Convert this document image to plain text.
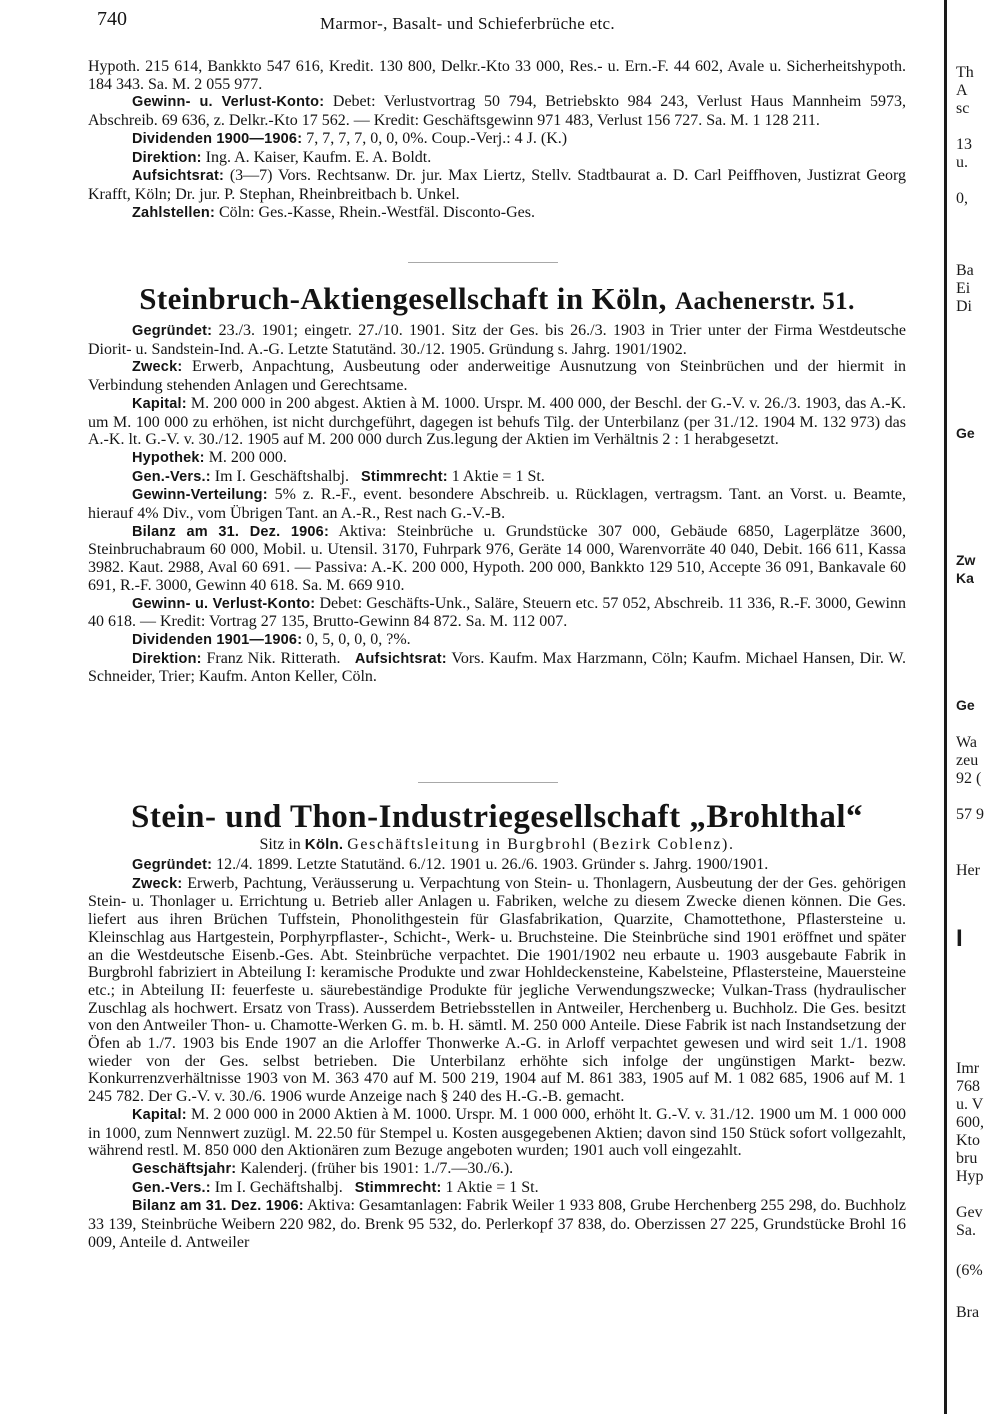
740	Marmor-, Basalt- und Schieferbrüche etc.

Hypoth. 215 614, Bankkto 547 616, Kredit. 130 800, Delkr.-Kto 33 000, Res.- u. Ern.-F. 44 602, Avale u. Sicherheitshypoth. 184 343. Sa. M. 2 055 977.

Gewinn- u. Verlust-Konto: Debet: Verlustvortrag 50 794, Betriebskto 984 243, Verlust Haus Mannheim 5973, Abschreib. 69 636, z. Delkr.-Kto 17 562. — Kredit: Geschäftsgewinn 971 483, Verlust 156 727. Sa. M. 1 128 211.

Dividenden 1900—1906: 7, 7, 7, 7, 0, 0, 0%. Coup.-Verj.: 4 J. (K.)

Direktion: Ing. A. Kaiser, Kaufm. E. A. Boldt.

Aufsichtsrat: (3—7) Vors. Rechtsanw. Dr. jur. Max Liertz, Stellv. Stadtbaurat a. D. Carl Peiffhoven, Justizrat Georg Krafft, Köln; Dr. jur. P. Stephan, Rheinbreitbach b. Unkel.

Zahlstellen: Cöln: Ges.-Kasse, Rhein.-Westfäl. Disconto-Ges.

Steinbruch-Aktiengesellschaft in Köln, Aachenerstr. 51.

Gegründet: 23./3. 1901; eingetr. 27./10. 1901. Sitz der Ges. bis 26./3. 1903 in Trier unter der Firma Westdeutsche Diorit- u. Sandstein-Ind. A.-G. Letzte Statutänd. 30./12. 1905. Gründung s. Jahrg. 1901/1902.

Zweck: Erwerb, Anpachtung, Ausbeutung oder anderweitige Ausnutzung von Steinbrüchen und der hiermit in Verbindung stehenden Anlagen und Gerechtsame.

Kapital: M. 200 000 in 200 abgest. Aktien à M. 1000. Urspr. M. 400 000, der Beschl. der G.-V. v. 26./3. 1903, das A.-K. um M. 100 000 zu erhöhen, ist nicht durchgeführt, dagegen ist behufs Tilg. der Unterbilanz (per 31./12. 1904 M. 132 973) das A.-K. lt. G.-V. v. 30./12. 1905 auf M. 200 000 durch Zus.legung der Aktien im Verhältnis 2 : 1 herabgesetzt.

Hypothek: M. 200 000.

Gen.-Vers.: Im I. Geschäftshalbj. Stimmrecht: 1 Aktie = 1 St.

Gewinn-Verteilung: 5% z. R.-F., event. besondere Abschreib. u. Rücklagen, vertragsm. Tant. an Vorst. u. Beamte, hierauf 4% Div., vom Übrigen Tant. an A.-R., Rest nach G.-V.-B.

Bilanz am 31. Dez. 1906: Aktiva: Steinbrüche u. Grundstücke 307 000, Gebäude 6850, Lagerplätze 3600, Steinbruchabraum 60 000, Mobil. u. Utensil. 3170, Fuhrpark 976, Geräte 14 000, Warenvorräte 40 040, Debit. 166 611, Kassa 3982. Kaut. 2988, Aval 60 691. — Passiva: A.-K. 200 000, Hypoth. 200 000, Bankkto 129 510, Accepte 36 091, Bankavale 60 691, R.-F. 3000, Gewinn 40 618. Sa. M. 669 910.

Gewinn- u. Verlust-Konto: Debet: Geschäfts-Unk., Saläre, Steuern etc. 57 052, Abschreib. 11 336, R.-F. 3000, Gewinn 40 618. — Kredit: Vortrag 27 135, Brutto-Gewinn 84 872. Sa. M. 112 007.

Dividenden 1901—1906: 0, 5, 0, 0, 0, ?%.

Direktion: Franz Nik. Ritterath. Aufsichtsrat: Vors. Kaufm. Max Harzmann, Cöln; Kaufm. Michael Hansen, Dir. W. Schneider, Trier; Kaufm. Anton Keller, Cöln.

Stein- und Thon-Industriegesellschaft „Brohlthal“
Sitz in Köln. Geschäftsleitung in Burgbrohl (Bezirk Coblenz).

Gegründet: 12./4. 1899. Letzte Statutänd. 6./12. 1901 u. 26./6. 1903. Gründer s. Jahrg. 1900/1901.

Zweck: Erwerb, Pachtung, Veräusserung u. Verpachtung von Stein- u. Thonlagern, Ausbeutung der der Ges. gehörigen Stein- u. Thonlager u. Errichtung u. Betrieb aller Anlagen u. Fabriken, welche zu diesem Zwecke dienen können. Die Ges. liefert aus ihren Brüchen Tuffstein, Phonolithgestein für Glasfabrikation, Quarzite, Chamottethone, Pflastersteine u. Kleinschlag aus Hartgestein, Porphyrpflaster-, Schicht-, Werk- u. Bruchsteine. Die Steinbrüche sind 1901 eröffnet und später an die Westdeutsche Eisenb.-Ges. Abt. Steinbrüche verpachtet. Die 1901/1902 neu erbaute u. 1903 ausgebaute Fabrik in Burgbrohl fabriziert in Abteilung I: keramische Produkte und zwar Hohldeckensteine, Kabelsteine, Pflastersteine, Mauersteine etc.; in Abteilung II: feuerfeste u. säurebeständige Produkte für jegliche Verwendungszwecke; Vulkan-Trass (hydraulischer Zuschlag als hochwert. Ersatz von Trass). Ausserdem Betriebsstellen in Antweiler, Herchenberg u. Buchholz. Die Ges. besitzt von den Antweiler Thon- u. Chamotte-Werken G. m. b. H. sämtl. M. 250 000 Anteile. Diese Fabrik ist nach Instandsetzung der Öfen ab 1./7. 1903 bis Ende 1907 an die Arloffer Thonwerke A.-G. in Arloff verpachtet gewesen und wird seit 1./1. 1908 wieder von der Ges. selbst betrieben. Die Unterbilanz erhöhte sich infolge der ungünstigen Markt- bezw. Konkurrenzverhältnisse 1903 von M. 363 470 auf M. 500 219, 1904 auf M. 861 383, 1905 auf M. 1 082 685, 1906 auf M. 1 245 782. Der G.-V. v. 30./6. 1906 wurde Anzeige nach § 240 des H.-G.-B. gemacht.

Kapital: M. 2 000 000 in 2000 Aktien à M. 1000. Urspr. M. 1 000 000, erhöht lt. G.-V. v. 31./12. 1900 um M. 1 000 000 in 1000, zum Nennwert zuzügl. M. 22.50 für Stempel u. Kosten ausgegebenen Aktien; davon sind 150 Stück sofort vollgezahlt, während restl. M. 850 000 den Aktionären zum Bezuge angeboten wurden; 1901 auch voll eingezahlt.

Geschäftsjahr: Kalenderj. (früher bis 1901: 1./7.—30./6.).

Gen.-Vers.: Im I. Gechäftshalbj. Stimmrecht: 1 Aktie = 1 St.

Bilanz am 31. Dez. 1906: Aktiva: Gesamtanlagen: Fabrik Weiler 1 933 808, Grube Herchenberg 255 298, do. Buchholz 33 139, Steinbrüche Weibern 220 982, do. Brenk 95 532, do. Perlerkopf 37 838, do. Oberzissen 27 225, Grundstücke Brohl 16 009, Anteile d. Antweiler

Th
A
sc
13
u.
0,
Ba
Ei
Di
Ge
Zw
Ka
Ge
Wa
zeu
92 (
57 9
Her
I
Imr
768
u. V
600,
Kto
bru
Hyp
Gev
Sa.
(6%
Bra
